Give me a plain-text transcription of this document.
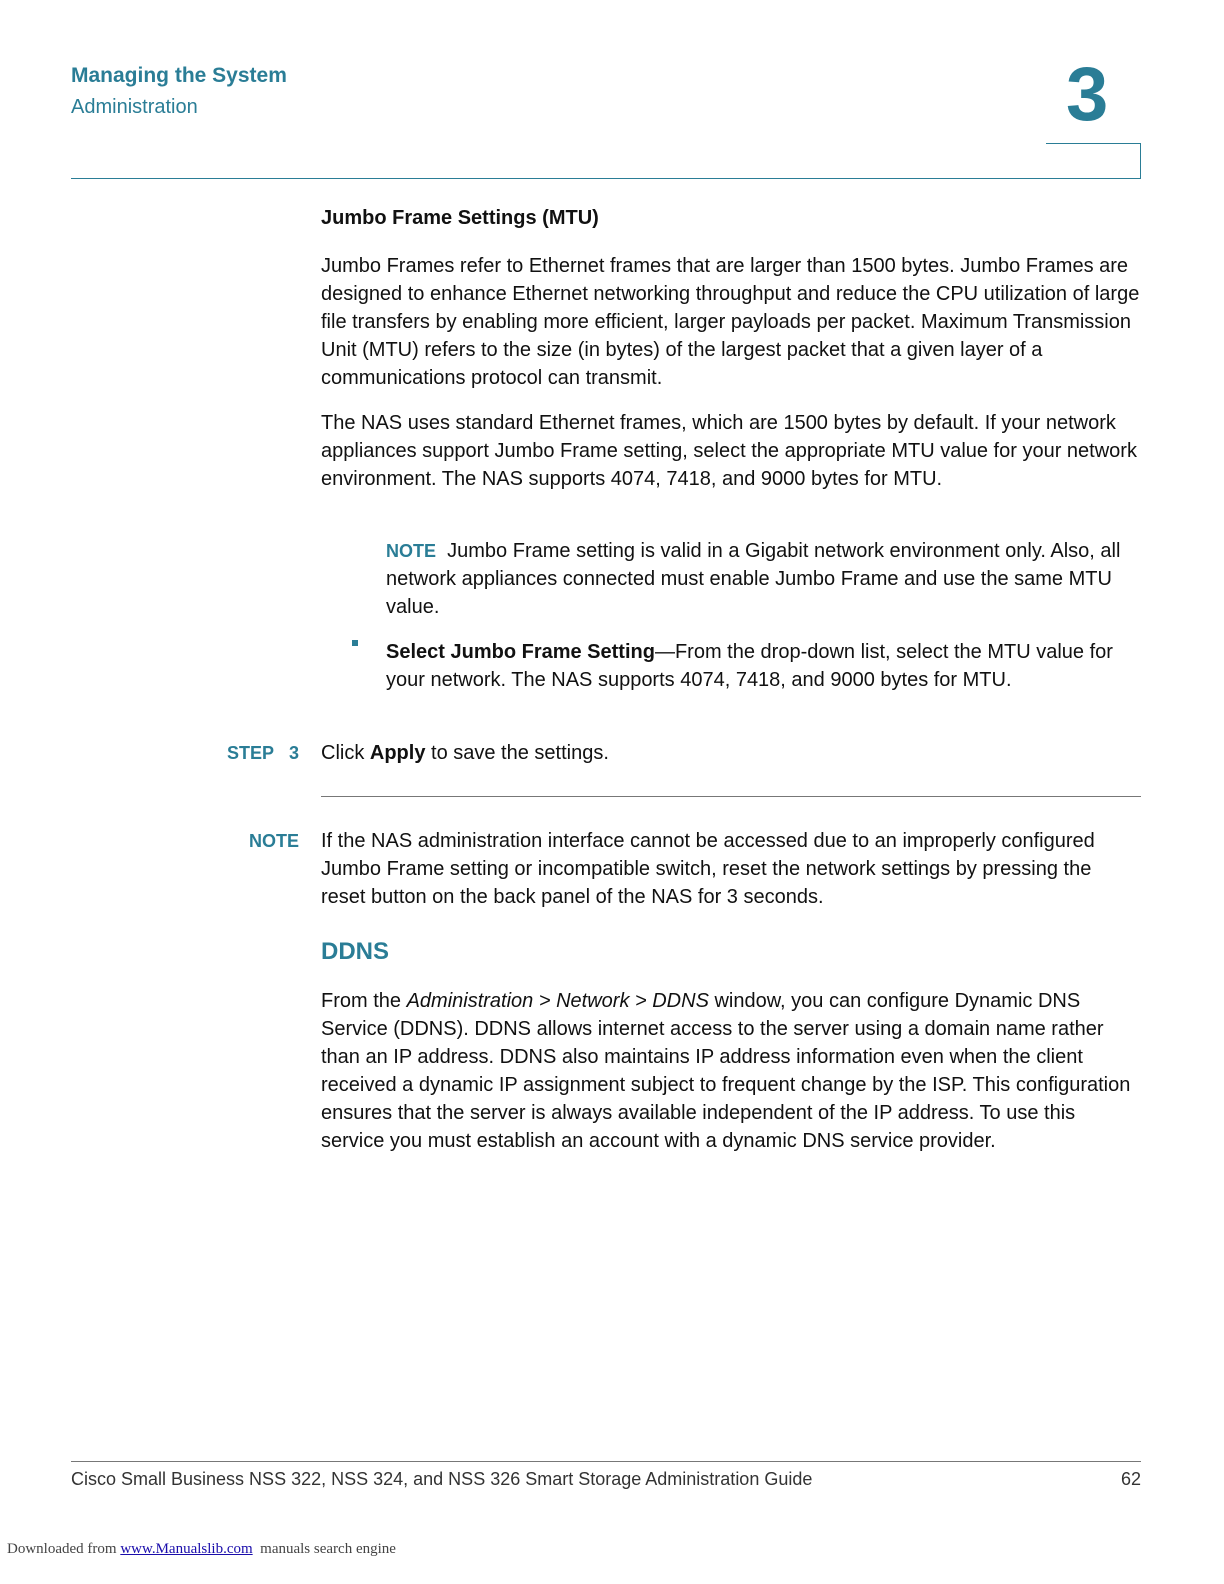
Managing the System
Administration	3
Jumbo Frame Settings (MTU)
Jumbo Frames refer to Ethernet frames that are larger than 1500 bytes. Jumbo Frames are designed to enhance Ethernet networking throughput and reduce the CPU utilization of large file transfers by enabling more efficient, larger payloads per packet. Maximum Transmission Unit (MTU) refers to the size (in bytes) of the largest packet that a given layer of a communications protocol can transmit.
The NAS uses standard Ethernet frames, which are 1500 bytes by default. If your network appliances support Jumbo Frame setting, select the appropriate MTU value for your network environment. The NAS supports 4074, 7418, and 9000 bytes for MTU.
NOTE Jumbo Frame setting is valid in a Gigabit network environment only. Also, all network appliances connected must enable Jumbo Frame and use the same MTU value.
Select Jumbo Frame Setting—From the drop-down list, select the MTU value for your network. The NAS supports 4074, 7418, and 9000 bytes for MTU.
STEP 3 Click Apply to save the settings.
NOTE If the NAS administration interface cannot be accessed due to an improperly configured Jumbo Frame setting or incompatible switch, reset the network settings by pressing the reset button on the back panel of the NAS for 3 seconds.
DDNS
From the Administration > Network > DDNS window, you can configure Dynamic DNS Service (DDNS). DDNS allows internet access to the server using a domain name rather than an IP address. DDNS also maintains IP address information even when the client received a dynamic IP assignment subject to frequent change by the ISP. This configuration ensures that the server is always available independent of the IP address. To use this service you must establish an account with a dynamic DNS service provider.
Cisco Small Business NSS 322, NSS 324, and NSS 326 Smart Storage Administration Guide	62
Downloaded from www.Manualslib.com  manuals search engine
